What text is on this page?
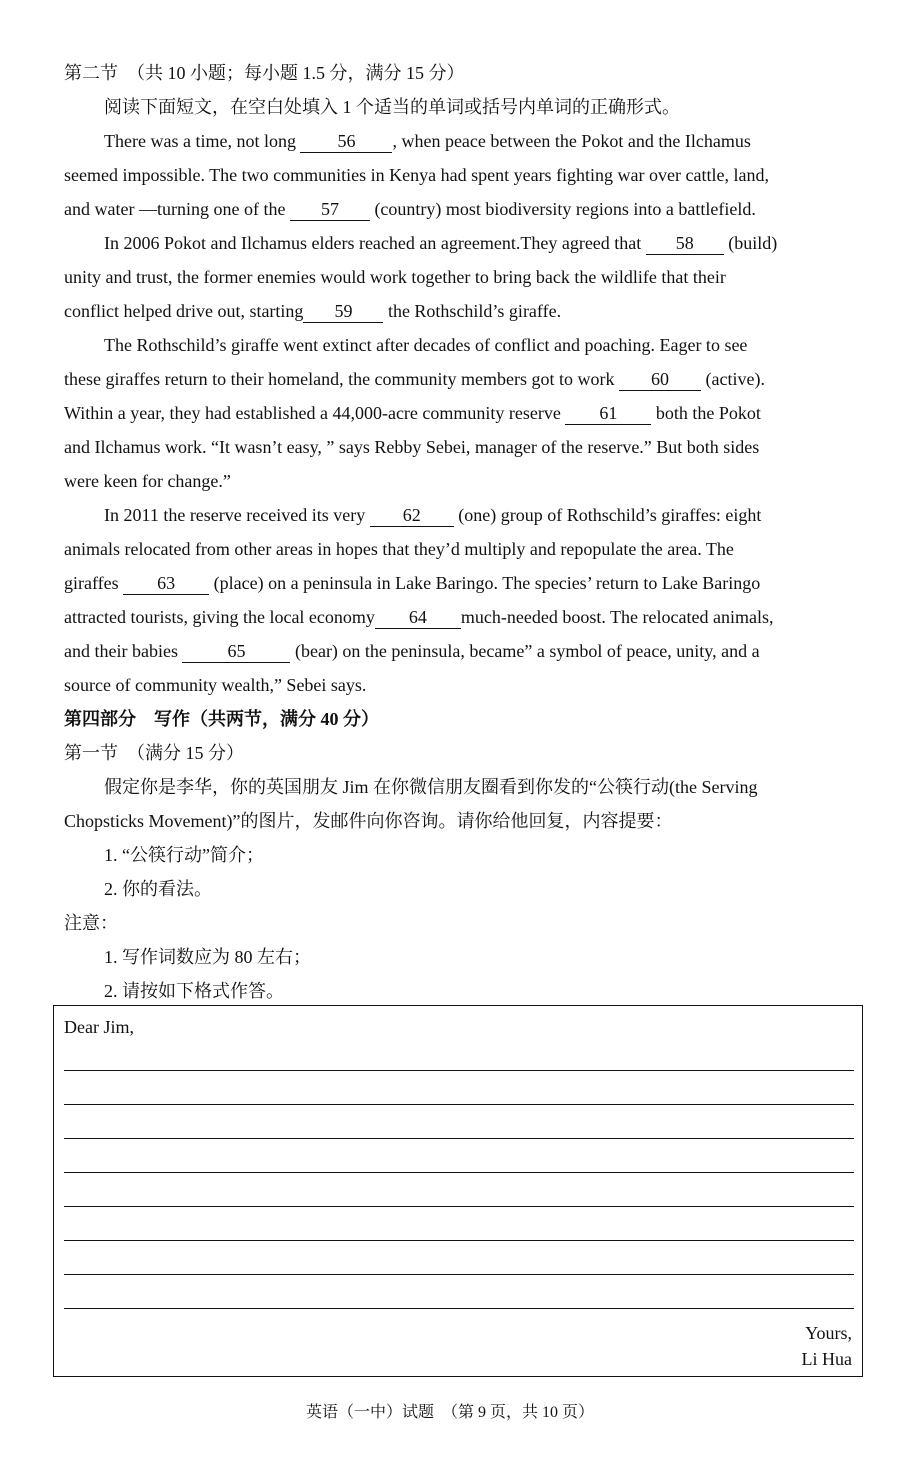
第二节　（共 10 小题；每小题 1.5 分，满分 15 分）
阅读下面短文，在空白处填入 1 个适当的单词或括号内单词的正确形式。
There was a time, not long 56 , when peace between the Pokot and the Ilchamus
seemed impossible. The two communities in Kenya had spent years fighting war over cattle, land,
and water —turning one of the 57 (country) most biodiversity regions into a battlefield.
In 2006 Pokot and Ilchamus elders reached an agreement.They agreed that 58 (build)
unity and trust, the former enemies would work together to bring back the wildlife that their
conflict helped drive out, starting 59 the Rothschild’s giraffe.
The Rothschild’s giraffe went extinct after decades of conflict and poaching. Eager to see
these giraffes return to their homeland, the community members got to work 60 (active).
Within a year, they had established a 44,000-acre community reserve 61 both the Pokot
and Ilchamus work. “It wasn’t easy, ” says Rebby Sebei, manager of the reserve.” But both sides
were keen for change.”
In 2011 the reserve received its very 62 (one) group of Rothschild’s giraffes: eight
animals relocated from other areas in hopes that they’d multiply and repopulate the area. The
giraffes 63 (place) on a peninsula in Lake Baringo. The species’ return to Lake Baringo
attracted tourists, giving the local economy 64 much-needed boost. The relocated animals,
and their babies	65	(bear) on the peninsula, became” a symbol of peace, unity, and a
source of community wealth,” Sebei says.
第四部分　写作（共两节，满分 40 分）
第一节　（满分 15 分）
假定你是李华，你的英国朋友 Jim 在你微信朋友圈看到你发的“公筷行动(the Serving
Chopsticks Movement)”的图片，发邮件向你咨询。请你给他回复，内容提要：
1. “公筷行动”简介；
2. 你的看法。
注意：
1. 写作词数应为 80 左右；
2. 请按如下格式作答。
Dear Jim,
Yours,
Li Hua
英语（一中）试题　（第 9 页，共 10 页）
